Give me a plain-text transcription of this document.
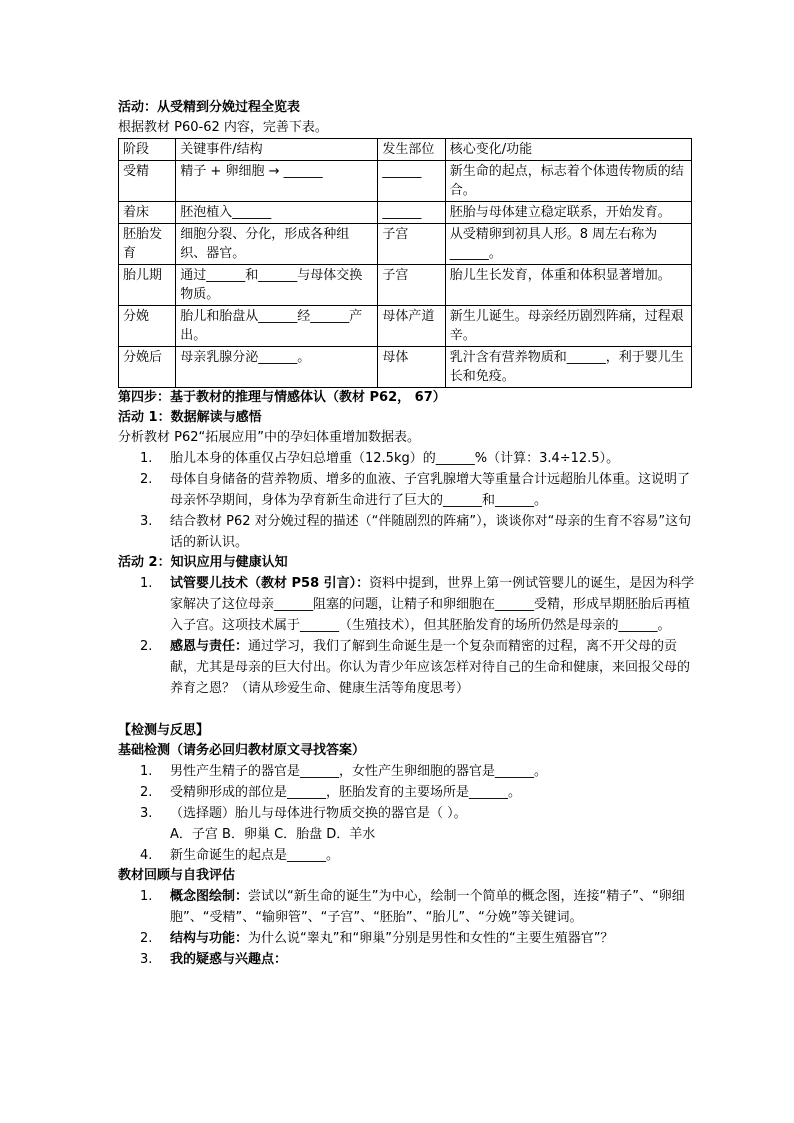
活动：从受精到分娩过程全览表
根据教材 P60-62 内容，完善下表。
阶段	关键事件/结构	发生部位	核心变化/功能
受精	精子 + 卵细胞 → ______	______	新生命的起点，标志着个体遗传物质的结合。
着床	胚泡植入______	______	胚胎与母体建立稳定联系，开始发育。
胚胎发育	细胞分裂、分化，形成各种组织、器官。	子宫	从受精卵到初具人形。8 周左右称为______。
胎儿期	通过______和______与母体交换物质。	子宫	胎儿生长发育，体重和体积显著增加。
分娩	胎儿和胎盘从______经______产出。	母体产道	新生儿诞生。母亲经历剧烈阵痛，过程艰辛。
分娩后	母亲乳腺分泌______。	母体	乳汁含有营养物质和______，利于婴儿生长和免疫。
第四步：基于教材的推理与情感体认（教材 P62， 67）
活动 1：数据解读与感悟
分析教材 P62“拓展应用”中的孕妇体重增加数据表。
1.	胎儿本身的体重仅占孕妇总增重（12.5kg）的______%（计算：3.4÷12.5）。
2.	母体自身储备的营养物质、增多的血液、子宫乳腺增大等重量合计远超胎儿体重。这说明了母亲怀孕期间，身体为孕育新生命进行了巨大的______和______。
3.	结合教材 P62 对分娩过程的描述（“伴随剧烈的阵痛”），谈谈你对“母亲的生育不容易”这句话的新认识。
活动 2：知识应用与健康认知
1.	试管婴儿技术（教材 P58 引言）：资料中提到，世界上第一例试管婴儿的诞生，是因为科学家解决了这位母亲______阻塞的问题，让精子和卵细胞在______受精，形成早期胚胎后再植入子宫。这项技术属于______（生殖技术），但其胚胎发育的场所仍然是母亲的______。
2.	感恩与责任：通过学习，我们了解到生命诞生是一个复杂而精密的过程，离不开父母的贡献，尤其是母亲的巨大付出。你认为青少年应该怎样对待自己的生命和健康，来回报父母的养育之恩？（请从珍爱生命、健康生活等角度思考）
【检测与反思】
基础检测（请务必回归教材原文寻找答案）
1.	男性产生精子的器官是______，女性产生卵细胞的器官是______。
2.	受精卵形成的部位是______，胚胎发育的主要场所是______。
3.	（选择题）胎儿与母体进行物质交换的器官是（ ）。
A．子宫 B．卵巢 C．胎盘 D．羊水
4.	新生命诞生的起点是______。
教材回顾与自我评估
1.	概念图绘制：尝试以“新生命的诞生”为中心，绘制一个简单的概念图，连接“精子”、“卵细胞”、“受精”、“输卵管”、“子宫”、“胚胎”、“胎儿”、“分娩”等关键词。
2.	结构与功能：为什么说“睾丸”和“卵巢”分别是男性和女性的“主要生殖器官”？
3.	我的疑惑与兴趣点：
